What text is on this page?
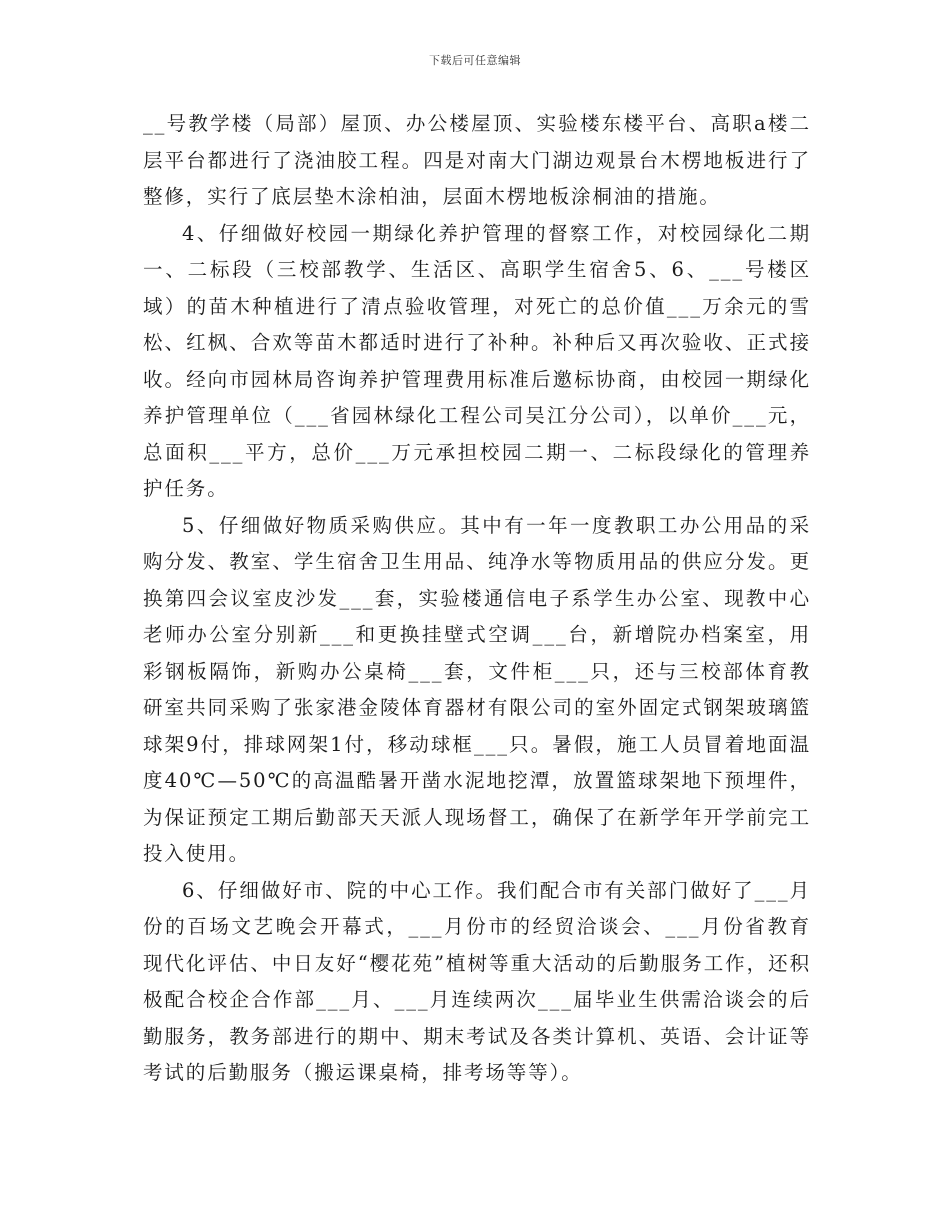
下载后可任意编辑

__号教学楼（局部）屋顶、办公楼屋顶、实验楼东楼平台、高职a楼二层平台都进行了浇油胶工程。四是对南大门湖边观景台木楞地板进行了整修，实行了底层垫木涂柏油，层面木楞地板涂桐油的措施。

4、仔细做好校园一期绿化养护管理的督察工作，对校园绿化二期一、二标段（三校部教学、生活区、高职学生宿舍5、6、___号楼区域）的苗木种植进行了清点验收管理，对死亡的总价值___万余元的雪松、红枫、合欢等苗木都适时进行了补种。补种后又再次验收、正式接收。经向市园林局咨询养护管理费用标准后邀标协商，由校园一期绿化养护管理单位（___省园林绿化工程公司吴江分公司），以单价___元，总面积___平方，总价___万元承担校园二期一、二标段绿化的管理养护任务。

5、仔细做好物质采购供应。其中有一年一度教职工办公用品的采购分发、教室、学生宿舍卫生用品、纯净水等物质用品的供应分发。更换第四会议室皮沙发___套，实验楼通信电子系学生办公室、现教中心老师办公室分别新___和更换挂壁式空调___台，新增院办档案室，用彩钢板隔饰，新购办公桌椅___套，文件柜___只，还与三校部体育教研室共同采购了张家港金陵体育器材有限公司的室外固定式钢架玻璃篮球架9付，排球网架1付，移动球框___只。暑假，施工人员冒着地面温度40℃—50℃的高温酷暑开凿水泥地挖潭，放置篮球架地下预埋件，为保证预定工期后勤部天天派人现场督工，确保了在新学年开学前完工投入使用。

6、仔细做好市、院的中心工作。我们配合市有关部门做好了___月份的百场文艺晚会开幕式，___月份市的经贸洽谈会、___月份省教育现代化评估、中日友好“樱花苑”植树等重大活动的后勤服务工作，还积极配合校企合作部___月、___月连续两次___届毕业生供需洽谈会的后勤服务，教务部进行的期中、期末考试及各类计算机、英语、会计证等考试的后勤服务（搬运课桌椅，排考场等等）。
